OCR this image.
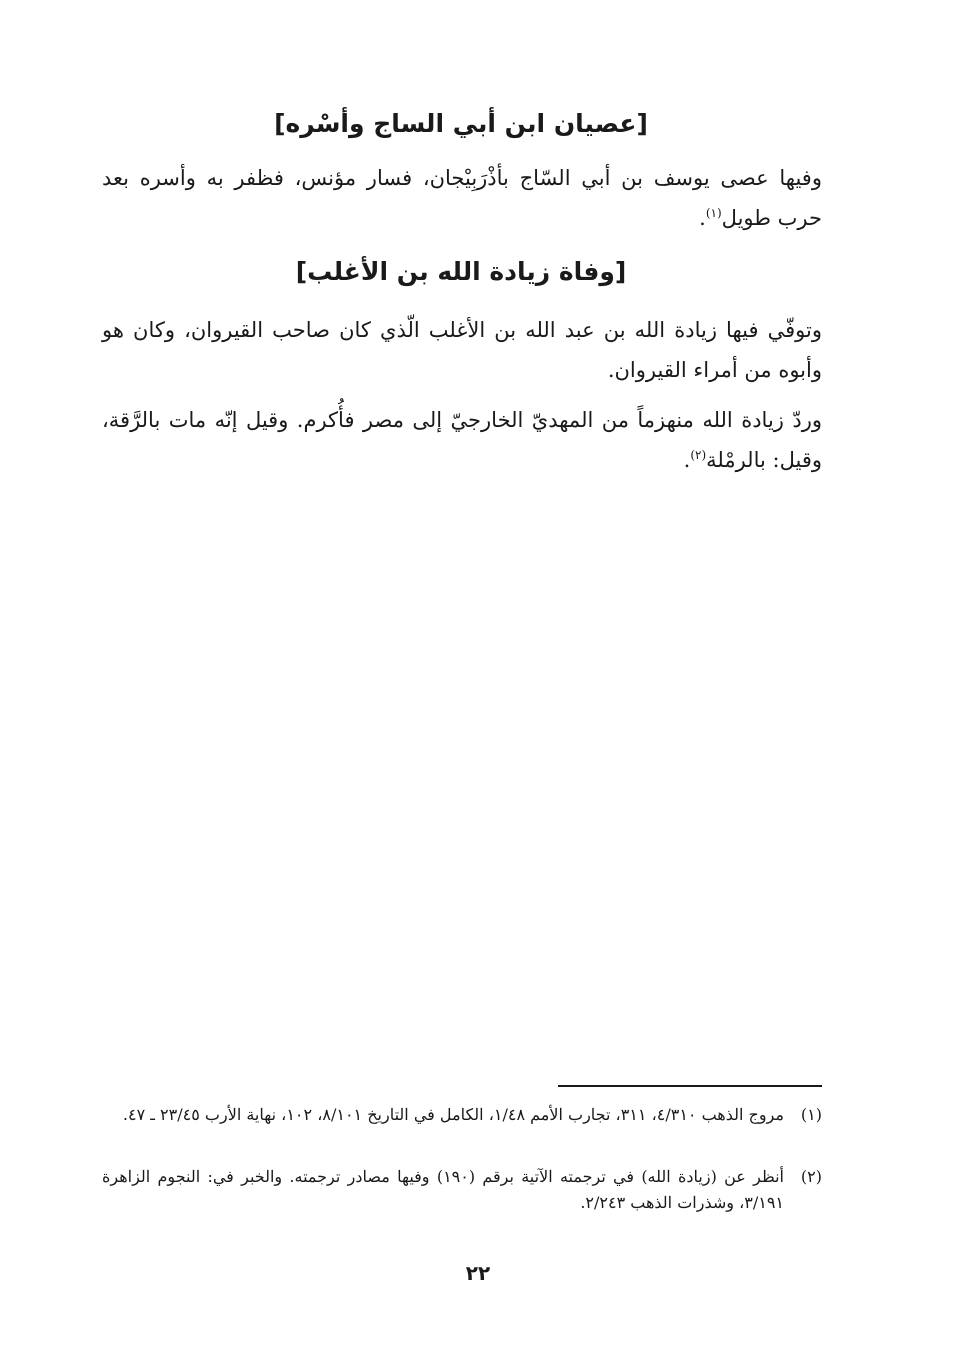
[عصيان ابن أبي الساج وأسْره]

وفيها عصى يوسف بن أبي السّاج بأذْرَبِيْجان، فسار مؤنس، فظفر به وأسره بعد حرب طويل$^{(١)}$.

[وفاة زيادة الله بن الأغلب]

وتوفّي فيها زيادة الله بن عبد الله بن الأغلب الّذي كان صاحب القيروان، وكان هو وأبوه من أمراء القيروان.

وردّ زيادة الله منهزماً من المهديّ الخارجيّ إلى مصر فأُكرم. وقيل إنّه مات بالرَّقة، وقيل: بالرمْلة$^{(٢)}$.

(١)
مروج الذهب ٤/٣١٠، ٣١١، تجارب الأمم ١/٤٨، الكامل في التاريخ ٨/١٠١، ١٠٢، نهاية الأرب ٢٣/٤٥ ـ ٤٧.
(٢)
أنظر عن (زيادة الله) في ترجمته الآتية برقم (١٩٠) وفيها مصادر ترجمته. والخبر في: النجوم الزاهرة ٣/١٩١، وشذرات الذهب ٢/٢٤٣.
٢٢
